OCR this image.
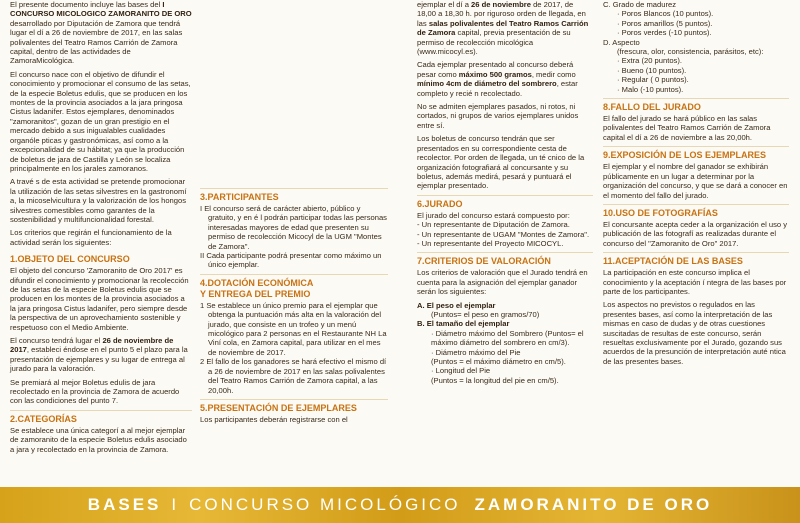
El presente documento incluye las bases del I CONCURSO MICOLOGICO ZAMORANITO DE ORO desarrollado por Diputación de Zamora que tendrá lugar el dí a 26 de noviembre de 2017, en las salas polivalentes del Teatro Ramos Carrión de Zamora capital, dentro de las actividades de ZamoraMicológica.

El concurso nace con el objetivo de difundir el conocimiento y promocionar el consumo de las setas, de la especie Boletus edulis, que se producen en los montes de la provincia asociados a la jara pringosa Cistus ladanifer. Estos ejemplares, denominados "zamoranitos", gozan de un gran prestigio en el mercado debido a sus inigualables cualidades organóle pticas y gastronómicas, así como a la excepcionalidad de su hábitat; ya que la producción de boletus de jara de Castilla y León se localiza principalmente en los jarales zamoranos.

A travé s de esta actividad se pretende promocionar la utilización de las setas silvestres en la gastronomí a, la micoselvicultura y la valorización de los hongos silvestres comestibles como garantes de la sostenibilidad y multifuncionalidad forestal.

Los criterios que regirán el funcionamiento de la actividad serán los siguientes:

1.OBJETO DEL CONCURSO

El objeto del concurso 'Zamoranito de Oro 2017' es difundir el conocimiento y promocionar la recolección de las setas de la especie Boletus edulis que se producen en los montes de la provincia asociados a la jara pringosa Cistus ladanifer, pero siempre desde la perspectiva de un aprovechamiento sostenible y respetuoso con el Medio Ambiente.

El concurso tendrá lugar el 26 de noviembre de 2017, estableci éndose en el punto 5 el plazo para la presentación de ejemplares y su lugar de entrega al jurado para la valoración.

Se premiará al mejor Boletus edulis de jara recolectado en la provincia de Zamora de acuerdo con las condiciones del punto 7.

2.CATEGORÍAS

Se establece una única categorí a al mejor ejemplar de zamoranito de la especie Boletus edulis asociado a jara y recolectado en la provincia de Zamora.

3.PARTICIPANTES

I El concurso será de carácter abierto, público y gratuito, y en é l podrán participar todas las personas interesadas mayores de edad que presenten su permiso de recolección Micocyl de la UGM "Montes de Zamora".

II Cada participante podrá presentar como máximo un único ejemplar.

4.DOTACIÓN ECONÓMICA
Y ENTREGA DEL PREMIO

1 Se establece un único premio para el ejemplar que obtenga la puntuación más alta en la valoración del jurado, que consiste en un trofeo y un menú micológico para 2 personas en el Restaurante NH La Viní cola, en Zamora capital, para utilizar en el mes de noviembre de 2017.

2 El fallo de los ganadores se hará efectivo el mismo dí a 26 de noviembre de 2017 en las salas polivalentes del Teatro Ramos Carrión de Zamora capital, a las 20,00h.

5.PRESENTACIÓN DE EJEMPLARES

Los participantes deberán registrarse con el

ejemplar el dí a 26 de noviembre de 2017, de 18,00 a 18,30 h. por riguroso orden de llegada, en las salas polivalentes del Teatro Ramos Carrión de Zamora capital, previa presentación de su permiso de recolección micológica (www.micocyl.es).

Cada ejemplar presentado al concurso deberá pesar como máximo 500 gramos, medir como mínimo 4cm de diámetro del sombrero, estar completo y recié n recolectado.

No se admiten ejemplares pasados, ni rotos, ni cortados, ni grupos de varios ejemplares unidos entre sí.

Los boletus de concurso tendrán que ser presentados en su correspondiente cesta de recolector. Por orden de llegada, un té cnico de la organización fotografiará al concursante y su boletus, además medirá, pesará y puntuará el ejemplar presentado.

6.JURADO

El jurado del concurso estará compuesto por:

- Un representante de Diputación de Zamora.

- Un representante de UGAM "Montes de Zamora".

- Un representante del Proyecto MICOCYL.

7.CRITERIOS DE VALORACIÓN

Los criterios de valoración que el Jurado tendrá en cuenta para la asignación del ejemplar ganador serán los siguientes:

A. El peso el ejemplar

(Puntos= el peso en gramos/70)

B. El tamaño del ejemplar

· Diámetro máximo del Sombrero (Puntos= el máximo diámetro del sombrero en cm/3).

· Diámetro máximo del Pie

(Puntos = el máximo diámetro en cm/5).

· Longitud del Pie

(Puntos = la longitud del pie en cm/5).

C. Grado de madurez

· Poros Blancos (10 puntos).

· Poros amarillos (5 puntos).

· Poros verdes (-10 puntos).

D. Aspecto

(frescura, olor, consistencia, parásitos, etc):

· Extra (20 puntos).

· Bueno (10 puntos).

· Regular ( 0 puntos).

· Malo (-10 puntos).

8.FALLO DEL JURADO

El fallo del jurado se hará público en las salas polivalentes del Teatro Ramos Carrión de Zamora capital el dí a 26 de noviembre a las 20,00h.

9.EXPOSICIÓN DE LOS EJEMPLARES

El ejemplar y el nombre del ganador se exhibirán públicamente en un lugar a determinar por la organización del concurso, y que se dará a conocer en el momento del fallo del jurado.

10.USO DE FOTOGRAFÍAS

El concursante acepta ceder a la organización el uso y publicación de las fotografí as realizadas durante el concurso del "Zamoranito de Oro" 2017.

11.ACEPTACIÓN DE LAS BASES

La participación en este concurso implica el conocimiento y la aceptación í ntegra de las bases por parte de los participantes.

Los aspectos no previstos o regulados en las presentes bases, así como la interpretación de las mismas en caso de dudas y de otras cuestiones suscitadas de resultas de este concurso, serán resueltas exclusivamente por el Jurado, gozando sus acuerdos de la presunción de interpretación auté ntica de las presentes bases.

BASES I CONCURSO MICOLÓGICO ZAMORANITO DE ORO
